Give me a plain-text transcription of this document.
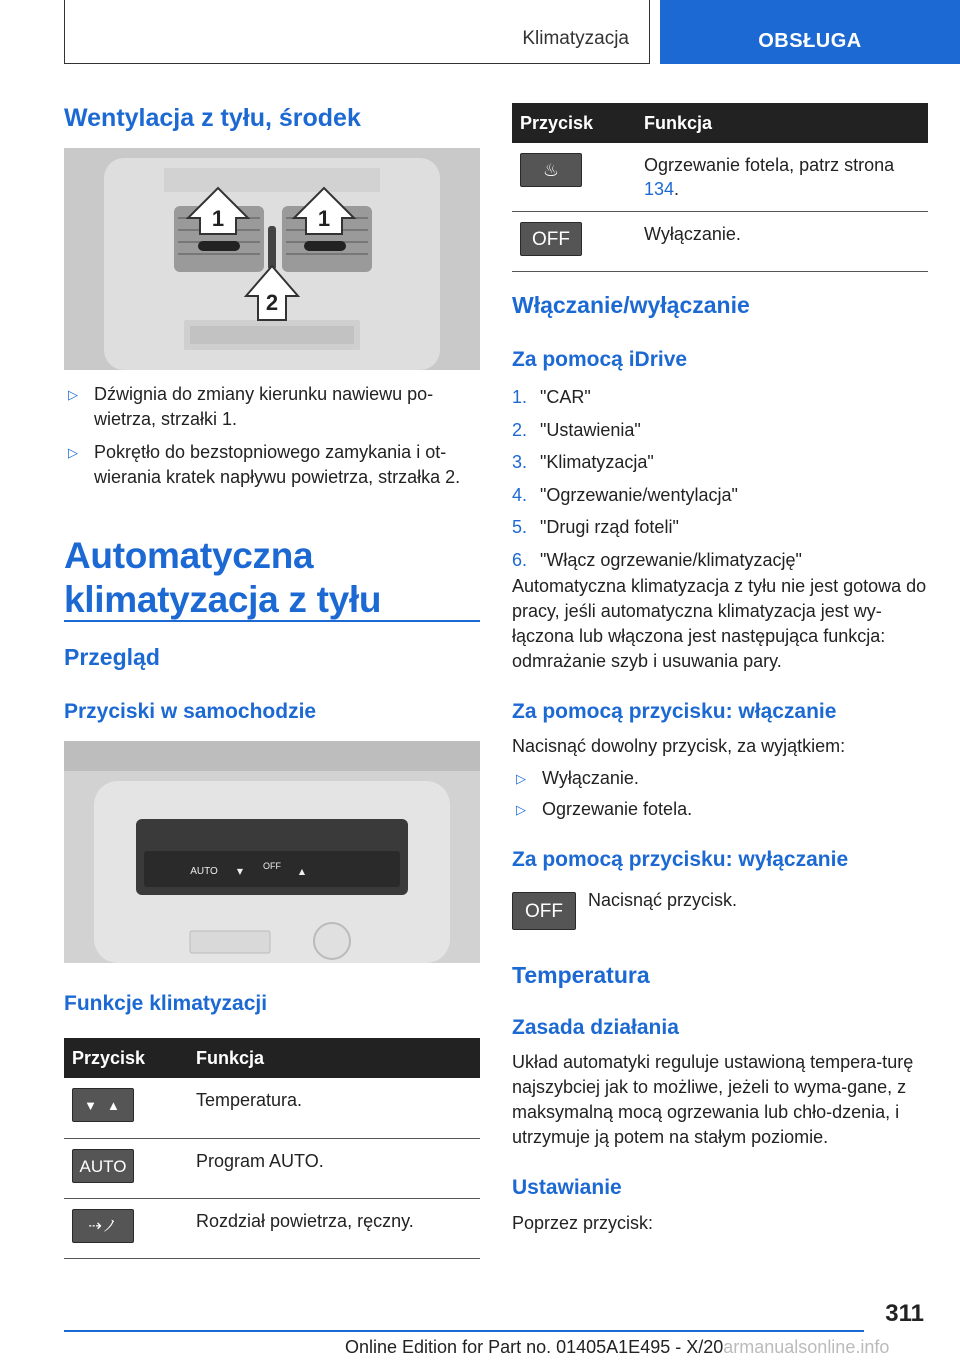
Klimatyzacja	OBSŁUGA
Wentylacja z tyłu, środek
1	1
2
▷ Dźwignia do zmiany kierunku nawiewu po-wietrza, strzałki 1.
▷ Pokrętło do bezstopniowego zamykania i ot-wierania kratek napływu powietrza, strzałka 2.
Automatyczna klimatyzacja z tyłu
Przegląd
Przyciski w samochodzie
AUTO	OFF
▼	▲
Funkcje klimatyzacji
Przycisk	Funkcja
▼▲	Temperatura.
AUTO	Program AUTO.
⇢ノ	Rozdział powietrza, ręczny.
Przycisk	Funkcja
♨	Ogrzewanie fotela, patrz strona 134.
OFF	Wyłączanie.
Włączanie/wyłączanie
Za pomocą iDrive
1. "CAR"
2. "Ustawienia"
3. "Klimatyzacja"
4. "Ogrzewanie/wentylacja"
5. "Drugi rząd foteli"
6. "Włącz ogrzewanie/klimatyzację"

Automatyczna klimatyzacja z tyłu nie jest gotowa do pracy, jeśli automatyczna klimatyzacja jest wy-łączona lub włączona jest następująca funkcja: odmrażanie szyb i usuwania pary.

Za pomocą przycisku: włączanie

Nacisnąć dowolny przycisk, za wyjątkiem:

▷ Wyłączanie.
▷ Ogrzewanie fotela.
Za pomocą przycisku: wyłączanie
OFF

Nacisnąć przycisk.

Temperatura
Zasada działania

Układ automatyki reguluje ustawioną tempera-turę najszybciej jak to możliwe, jeżeli to wyma-gane, z maksymalną mocą ogrzewania lub chło-dzenia, i utrzymuje ją potem na stałym poziomie.

Ustawianie

Poprzez przycisk:

311
Online Edition for Part no. 01405A1E495 - X/20armanualsonline.info
